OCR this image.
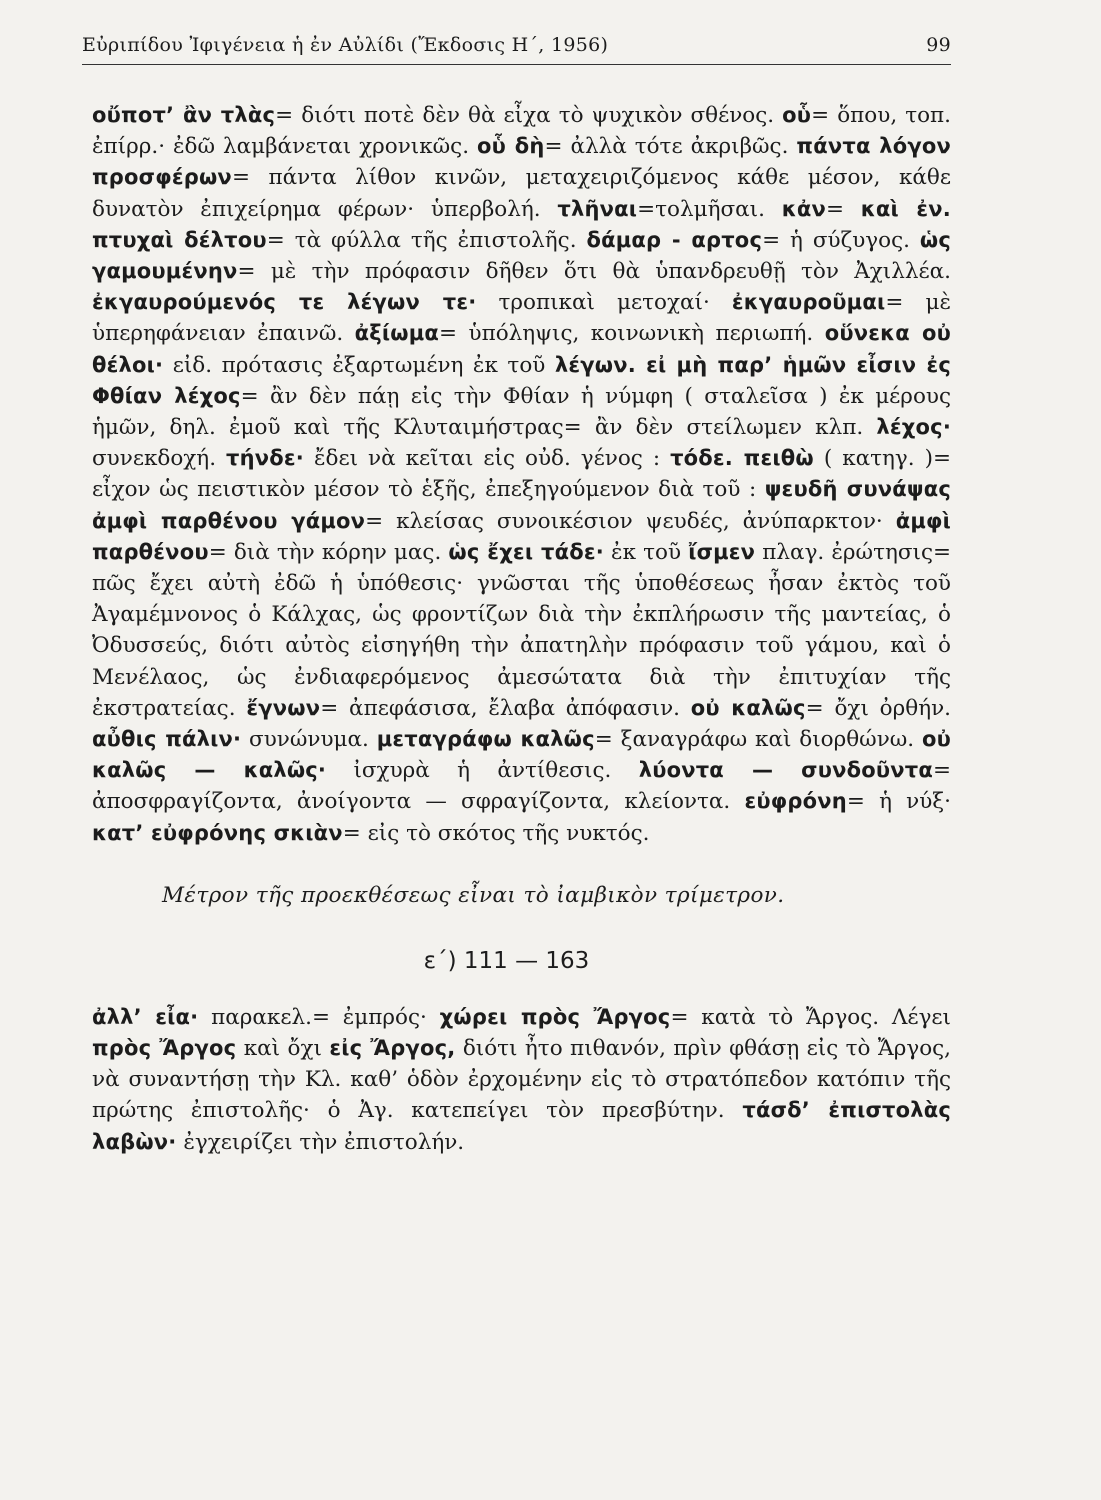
Εὐριπίδου Ἰφιγένεια ἡ ἐν Αὐλίδι (Ἔκδοσις Η΄, 1956)	99

οὔποτ’ ἂν τλὰς= διότι ποτὲ δὲν θὰ εἶχα τὸ ψυχικὸν σθένος. οὗ= ὅπου, τοπ. ἐπίρρ.· ἐδῶ λαμβάνεται χρονικῶς. οὗ δὴ= ἀλλὰ τότε ἀκριβῶς. πάντα λόγον προσφέρων= πάντα λίθον κινῶν, μεταχειριζόμενος κάθε μέσον, κάθε δυνατὸν ἐπιχείρημα φέρων· ὑπερβολή. τλῆναι=τολμῆσαι. κἀν= καὶ ἐν. πτυχαὶ δέλτου= τὰ φύλλα τῆς ἐπιστολῆς. δάμαρ - αρτος= ἡ σύζυγος. ὡς γαμουμένην= μὲ τὴν πρόφασιν δῆθεν ὅτι θὰ ὑπανδρευθῇ τὸν Ἀχιλλέα. ἐκγαυρούμενός τε λέγων τε· τροπικαὶ μετοχαί· ἐκγαυροῦμαι= μὲ ὑπερηφάνειαν ἐπαινῶ. ἀξίωμα= ὑπόληψις, κοινωνικὴ περιωπή. οὕνεκα οὐ θέλοι· εἰδ. πρότασις ἐξαρτωμένη ἐκ τοῦ λέγων. εἰ μὴ παρ’ ἡμῶν εἶσιν ἐς Φθίαν λέχος= ἂν δὲν πάῃ εἰς τὴν Φθίαν ἡ νύμφη ( σταλεῖσα ) ἐκ μέρους ἡμῶν, δηλ. ἐμοῦ καὶ τῆς Κλυταιμήστρας= ἂν δὲν στείλωμεν κλπ. λέχος· συνεκδοχή. τήνδε· ἔδει νὰ κεῖται εἰς οὐδ. γένος : τόδε. πειθὼ ( κατηγ. )= εἶχον ὡς πειστικὸν μέσον τὸ ἑξῆς, ἐπεξηγούμενον διὰ τοῦ : ψευδῆ συνάψας ἀμφὶ παρθένου γάμον= κλείσας συνοικέσιον ψευδές, ἀνύπαρκτον· ἀμφὶ παρθένου= διὰ τὴν κόρην μας. ὡς ἔχει τάδε· ἐκ τοῦ ἴσμεν πλαγ. ἐρώτησις= πῶς ἔχει αὐτὴ ἐδῶ ἡ ὑπόθεσις· γνῶσται τῆς ὑποθέσεως ἦσαν ἐκτὸς τοῦ Ἀγαμέμνονος ὁ Κάλχας, ὡς φροντίζων διὰ τὴν ἐκπλήρωσιν τῆς μαντείας, ὁ Ὀδυσσεύς, διότι αὐτὸς εἰσηγήθη τὴν ἀπατηλὴν πρόφασιν τοῦ γάμου, καὶ ὁ Μενέλαος, ὡς ἐνδιαφερόμενος ἀμεσώτατα διὰ τὴν ἐπιτυχίαν τῆς ἐκστρατείας. ἔγνων= ἀπεφάσισα, ἔλαβα ἀπόφασιν. οὐ καλῶς= ὄχι ὀρθήν. αὖθις πάλιν· συνώνυμα. μεταγράφω καλῶς= ξαναγράφω καὶ διορθώνω. οὐ καλῶς — καλῶς· ἰσχυρὰ ἡ ἀντίθεσις. λύοντα — συνδοῦντα= ἀποσφραγίζοντα, ἀνοίγοντα — σφραγίζοντα, κλείοντα. εὐφρόνη= ἡ νύξ· κατ’ εὐφρόνης σκιὰν= εἰς τὸ σκότος τῆς νυκτός.

Μέτρον τῆς προεκθέσεως εἶναι τὸ ἰαμβικὸν τρίμετρον.
ε΄) 111 — 163

ἀλλ’ εἶα· παρακελ.= ἐμπρός· χώρει πρὸς Ἄργος= κατὰ τὸ Ἄργος. Λέγει πρὸς Ἄργος καὶ ὄχι εἰς Ἄργος, διότι ἦτο πιθανόν, πρὶν φθάσῃ εἰς τὸ Ἄργος, νὰ συναντήσῃ τὴν Κλ. καθ’ ὁδὸν ἐρχομένην εἰς τὸ στρατόπεδον κατόπιν τῆς πρώτης ἐπιστολῆς· ὁ Ἀγ. κατεπείγει τὸν πρεσβύτην. τάσδ’ ἐπιστολὰς λαβὼν· ἐγχειρίζει τὴν ἐπιστολήν.
